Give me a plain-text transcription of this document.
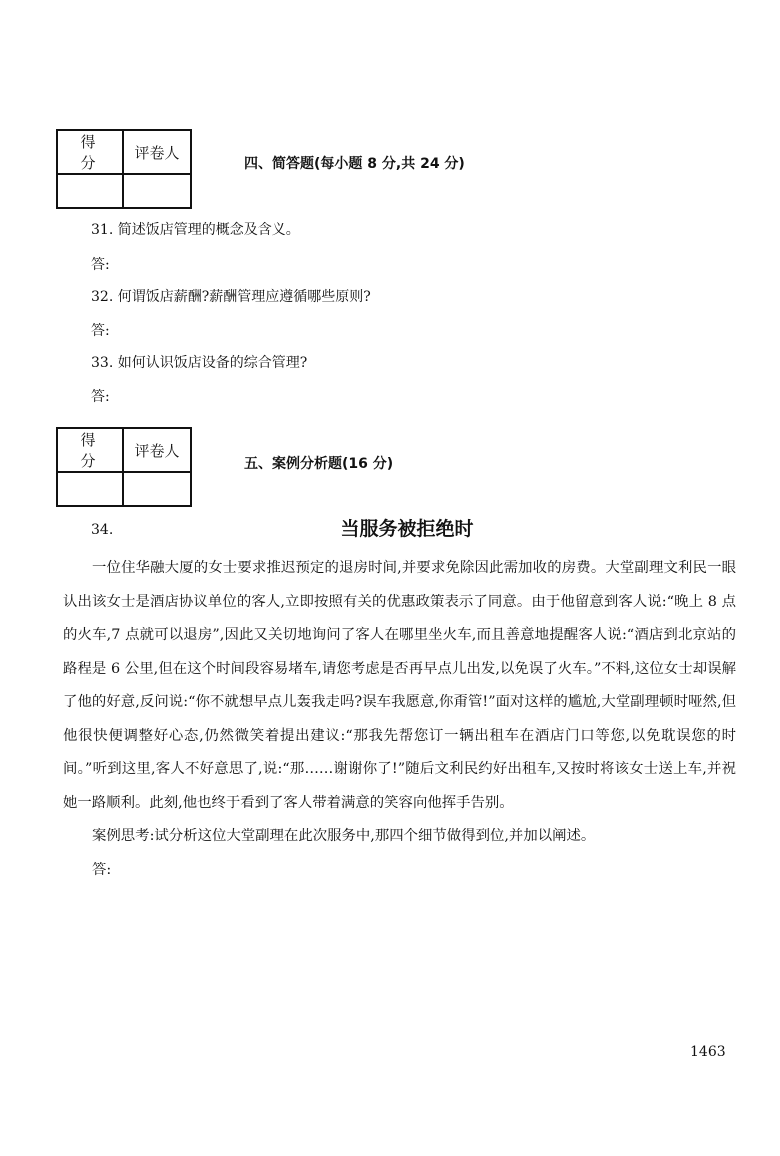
得 分	评卷人

四、简答题(每小题 8 分,共 24 分)
31. 简述饭店管理的概念及含义。
答:
32. 何谓饭店薪酬?薪酬管理应遵循哪些原则?
答:
33. 如何认识饭店设备的综合管理?
答:
得 分	评卷人

五、案例分析题(16 分)
34.	当服务被拒绝时

一位住华融大厦的女士要求推迟预定的退房时间,并要求免除因此需加收的房费。大堂副理文利民一眼认出该女士是酒店协议单位的客人,立即按照有关的优惠政策表示了同意。由于他留意到客人说:“晚上 8 点的火车,7 点就可以退房”,因此又关切地询问了客人在哪里坐火车,而且善意地提醒客人说:“酒店到北京站的路程是 6 公里,但在这个时间段容易堵车,请您考虑是否再早点儿出发,以免误了火车。”不料,这位女士却误解了他的好意,反问说:“你不就想早点儿轰我走吗?误车我愿意,你甭管!”面对这样的尴尬,大堂副理顿时哑然,但他很快便调整好心态,仍然微笑着提出建议:“那我先帮您订一辆出租车在酒店门口等您,以免耽误您的时间。”听到这里,客人不好意思了,说:“那……谢谢你了!”随后文利民约好出租车,又按时将该女士送上车,并祝她一路顺利。此刻,他也终于看到了客人带着满意的笑容向他挥手告别。

案例思考:试分析这位大堂副理在此次服务中,那四个细节做得到位,并加以阐述。

答:

1463
